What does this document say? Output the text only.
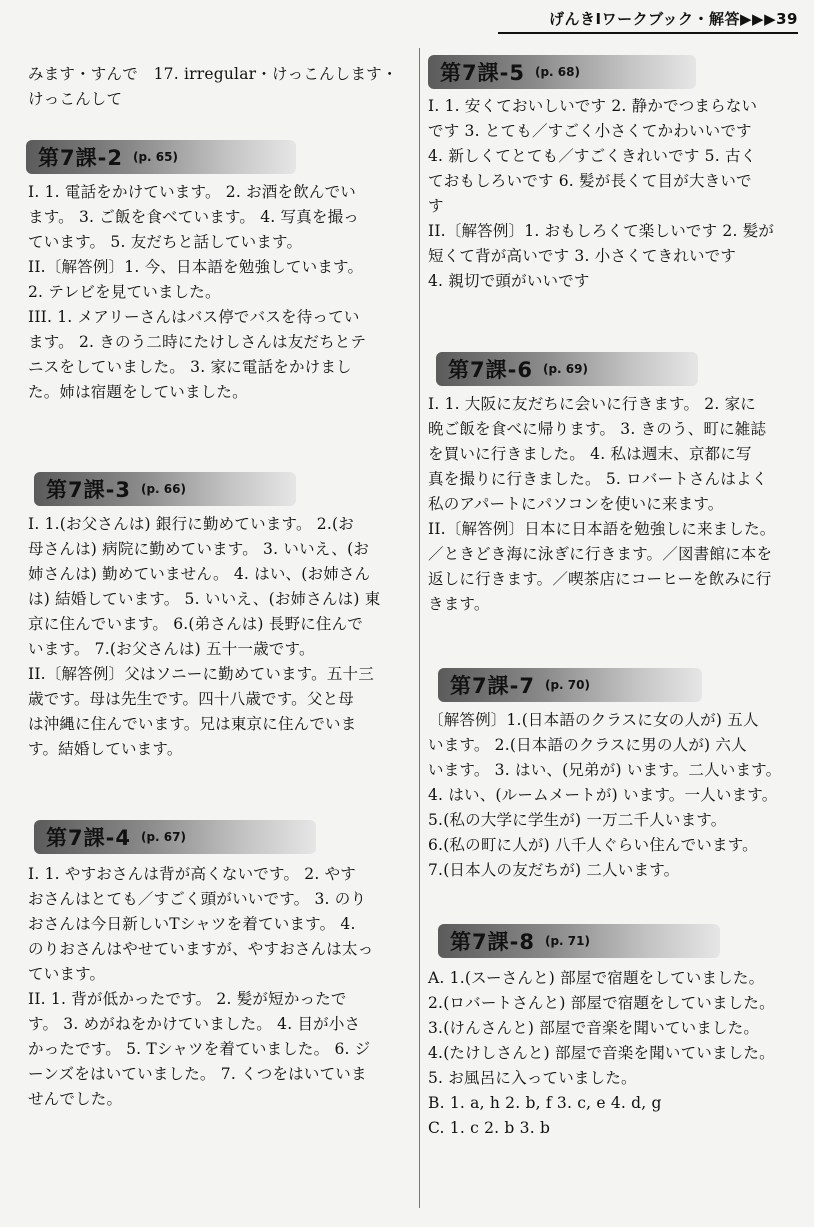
げんきIワークブック・解答▶▶▶39
みます・すんで　17. irregular・けっこんします・
けっこんして
第7課-2 (p. 65)
I. 1. 電話をかけています。 2. お酒を飲んでい
ます。 3. ご飯を食べています。 4. 写真を撮っ
ています。 5. 友だちと話しています。
II.〔解答例〕1. 今、日本語を勉強しています。
2. テレビを見ていました。
III. 1. メアリーさんはバス停でバスを待ってい
ます。 2. きのう二時にたけしさんは友だちとテ
ニスをしていました。 3. 家に電話をかけまし
た。姉は宿題をしていました。
第7課-3 (p. 66)
I. 1.(お父さんは) 銀行に勤めています。 2.(お
母さんは) 病院に勤めています。 3. いいえ、(お
姉さんは) 勤めていません。 4. はい、(お姉さん
は) 結婚しています。 5. いいえ、(お姉さんは) 東
京に住んでいます。 6.(弟さんは) 長野に住んで
います。 7.(お父さんは) 五十一歳です。
II.〔解答例〕父はソニーに勤めています。五十三
歳です。母は先生です。四十八歳です。父と母
は沖縄に住んでいます。兄は東京に住んでいま
す。結婚しています。
第7課-4 (p. 67)
I. 1. やすおさんは背が高くないです。 2. やす
おさんはとても／すごく頭がいいです。 3. のり
おさんは今日新しいTシャツを着ています。 4.
のりおさんはやせていますが、やすおさんは太っ
ています。
II. 1. 背が低かったです。 2. 髪が短かったで
す。 3. めがねをかけていました。 4. 目が小さ
かったです。 5. Tシャツを着ていました。 6. ジ
ーンズをはいていました。 7. くつをはいていま
せんでした。
第7課-5 (p. 68)
I. 1. 安くておいしいです 2. 静かでつまらない
です 3. とても／すごく小さくてかわいいです
4. 新しくてとても／すごくきれいです 5. 古く
ておもしろいです 6. 髪が長くて目が大きいで
す
II.〔解答例〕1. おもしろくて楽しいです 2. 髪が
短くて背が高いです 3. 小さくてきれいです
4. 親切で頭がいいです
第7課-6 (p. 69)
I. 1. 大阪に友だちに会いに行きます。 2. 家に
晩ご飯を食べに帰ります。 3. きのう、町に雑誌
を買いに行きました。 4. 私は週末、京都に写
真を撮りに行きました。 5. ロバートさんはよく
私のアパートにパソコンを使いに来ます。
II.〔解答例〕日本に日本語を勉強しに来ました。
／ときどき海に泳ぎに行きます。／図書館に本を
返しに行きます。／喫茶店にコーヒーを飲みに行
きます。
第7課-7 (p. 70)
〔解答例〕1.(日本語のクラスに女の人が) 五人
います。 2.(日本語のクラスに男の人が) 六人
います。 3. はい、(兄弟が) います。二人います。
4. はい、(ルームメートが) います。一人います。
5.(私の大学に学生が) 一万二千人います。
6.(私の町に人が) 八千人ぐらい住んでいます。
7.(日本人の友だちが) 二人います。
第7課-8 (p. 71)
A. 1.(スーさんと) 部屋で宿題をしていました。
2.(ロバートさんと) 部屋で宿題をしていました。
3.(けんさんと) 部屋で音楽を聞いていました。
4.(たけしさんと) 部屋で音楽を聞いていました。
5. お風呂に入っていました。
B. 1. a, h 2. b, f 3. c, e 4. d, g
C. 1. c 2. b 3. b
